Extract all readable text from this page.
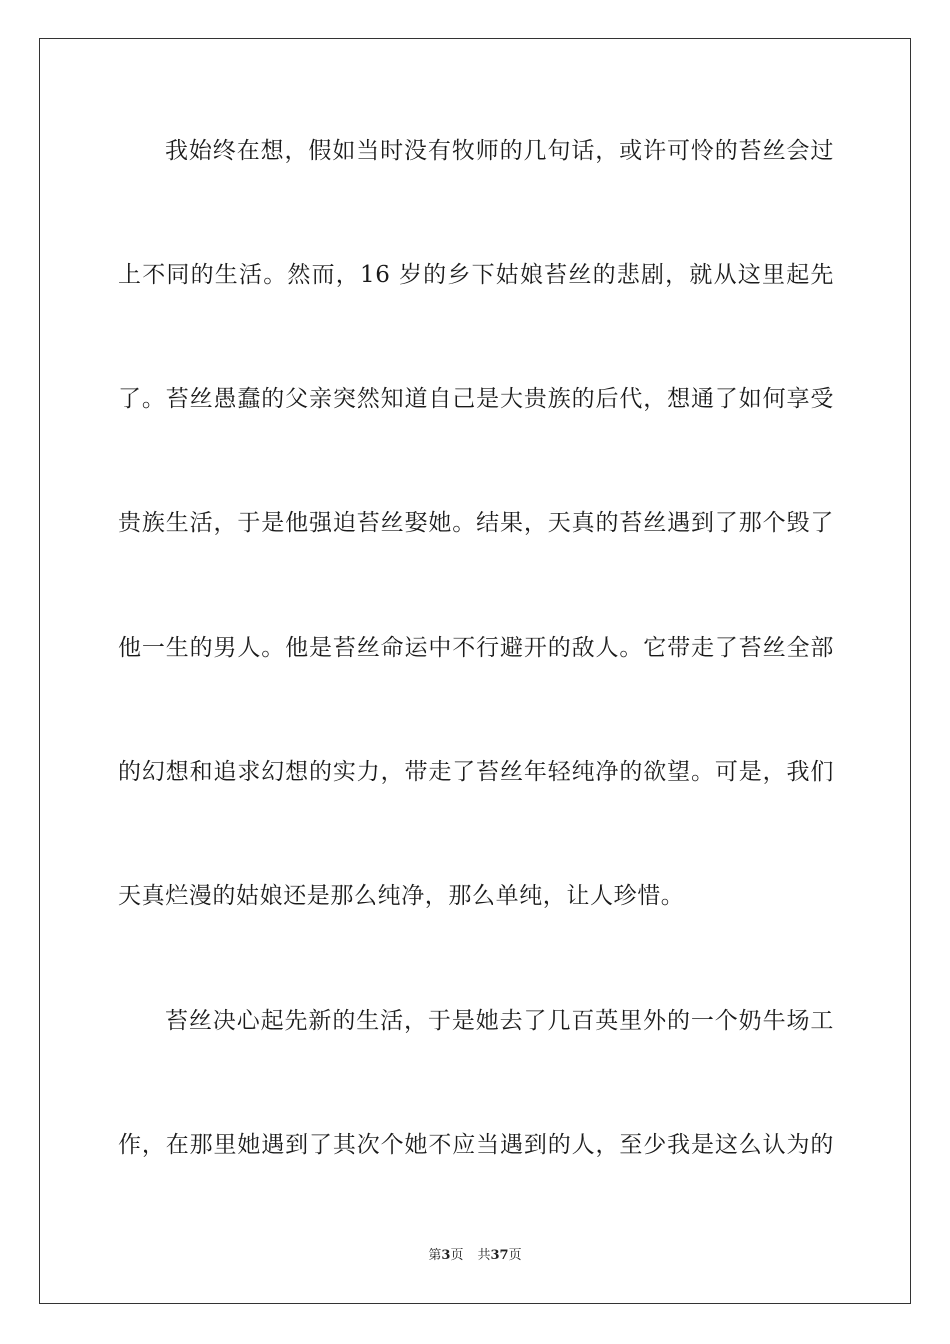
我始终在想，假如当时没有牧师的几句话，或许可怜的苔丝会过
上不同的生活。然而，16 岁的乡下姑娘苔丝的悲剧，就从这里起先
了。苔丝愚蠢的父亲突然知道自己是大贵族的后代，想通了如何享受
贵族生活，于是他强迫苔丝娶她。结果，天真的苔丝遇到了那个毁了
他一生的男人。他是苔丝命运中不行避开的敌人。它带走了苔丝全部
的幻想和追求幻想的实力，带走了苔丝年轻纯净的欲望。可是，我们
天真烂漫的姑娘还是那么纯净，那么单纯，让人珍惜。
苔丝决心起先新的生活，于是她去了几百英里外的一个奶牛场工
作，在那里她遇到了其次个她不应当遇到的人，至少我是这么认为的
第3页 共37页
